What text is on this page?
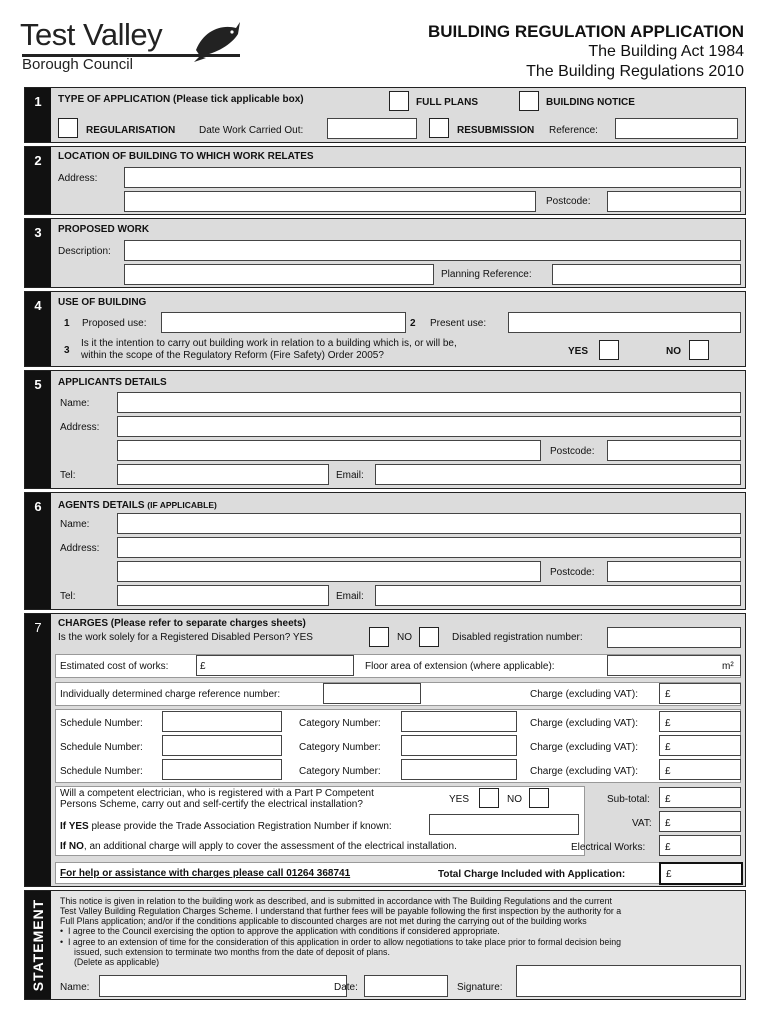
Test Valley
Borough Council
BUILDING REGULATION APPLICATION
The Building Act 1984
The Building Regulations 2010
1	TYPE OF APPLICATION (Please tick applicable box)	FULL PLANS	BUILDING NOTICE
REGULARISATION Date Work Carried Out:	RESUBMISSION Reference:
2	LOCATION OF BUILDING TO WHICH WORK RELATES
Address:
Postcode:
3	PROPOSED WORK
Description:
Planning Reference:
4	USE OF BUILDING
1 Proposed use:	2 Present use:
3
Is it the intention to carry out building work in relation to a building which is, or will be,
within the scope of the Regulatory Reform (Fire Safety) Order 2005?	YES	NO
5	APPLICANTS DETAILS
Name:
Address:
Postcode:
Tel:	Email:
6	AGENTS DETAILS (IF APPLICABLE)
Name:
Address:
Postcode:
Tel:	Email:
7	CHARGES (Please refer to separate charges sheets)
Is the work solely for a Registered Disabled Person? YES	NO	Disabled registration number:
Estimated cost of works:	£	Floor area of extension (where applicable):	m²
Individually determined charge reference number:	Charge (excluding VAT):	£
Schedule Number:	Category Number:	Charge (excluding VAT):	£
Schedule Number:	Category Number:	Charge (excluding VAT):	£
Schedule Number:	Category Number:	Charge (excluding VAT):	£
Will a competent electrician, who is registered with a Part P Competent
Persons Scheme, carry out and self-certify the electrical installation?	YES	NO	Sub-total: £
If YES please provide the Trade Association Registration Number if known:	VAT: £
If NO, an additional charge will apply to cover the assessment of the electrical installation.	Electrical Works: £
For help or assistance with charges please call 01264 368741	Total Charge Included with Application:	£
STATEMENT This notice is given in relation to the building work as described, and is submitted in accordance with The Building Regulations and the current
Test Valley Building Regulation Charges Scheme. I understand that further fees will be payable following the first inspection by the authority for a
Full Plans application; and/or if the conditions applicable to discounted charges are not met during the carrying out of the building works
•  I agree to the Council exercising the option to approve the application with conditions if considered appropriate.
•  I agree to an extension of time for the consideration of this application in order to allow negotiations to take place prior to formal decision being
issued, such extension to terminate two months from the date of deposit of plans.
(Delete as applicable)
Name:	Date:	Signature:
